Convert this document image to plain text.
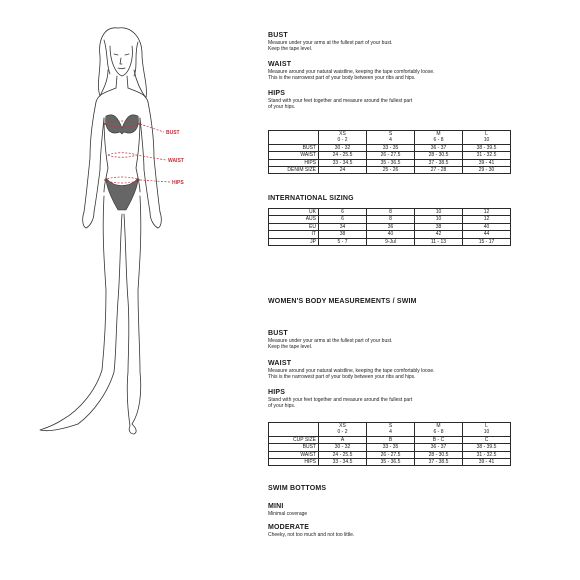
BUST
WAIST
HIPS

BUST

Measure under your arms at the fullest part of your bust.

Keep the tape level.

WAIST

Measure around your natural waistline, keeping the tape comfortably loose.

This is the narrowest part of your body between your ribs and hips.

HIPS

Stand with your feet together and measure around the fullest part

of your hips.

	XS	S	M	L
	0 - 2	4	6 - 8	10
BUST	30 - 32	33 - 35	36 - 37	38 - 39.5
WAIST	24 - 25.5	26 - 27.5	28 - 30.5	31 - 32.5
HIPS	33 - 34.5	35 - 36.5	37 - 38.5	39 - 41
DENIM SIZE	24	25 - 26	27 - 28	29 - 30

INTERNATIONAL SIZING

UK	6	8	10	12
AUS	6	8	10	12
EU	34	36	38	40
IT	38	40	42	44
JP	5 - 7	9-Jul	11 - 13	15 - 17

WOMEN'S BODY MEASUREMENTS / SWIM

BUST

Measure under your arms at the fullest part of your bust.

Keep the tape level.

WAIST

Measure around your natural waistline, keeping the tape comfortably loose.

This is the narrowest part of your body between your ribs and hips.

HIPS

Stand with your feet together and measure around the fullest part

of your hips.

	XS	S	M	L
	0 - 2	4	6 - 8	10
CUP SIZE	A	B	B - C	C
BUST	30 - 32	33 - 35	36 - 37	38 - 39.5
WAIST	24 - 25.5	26 - 27.5	28 - 30.5	31 - 32.5
HIPS	33 - 34.5	35 - 36.5	37 - 38.5	39 - 41

SWIM BOTTOMS

MINI

Minimal coverage

MODERATE

Cheeky, not too much and not too little.
